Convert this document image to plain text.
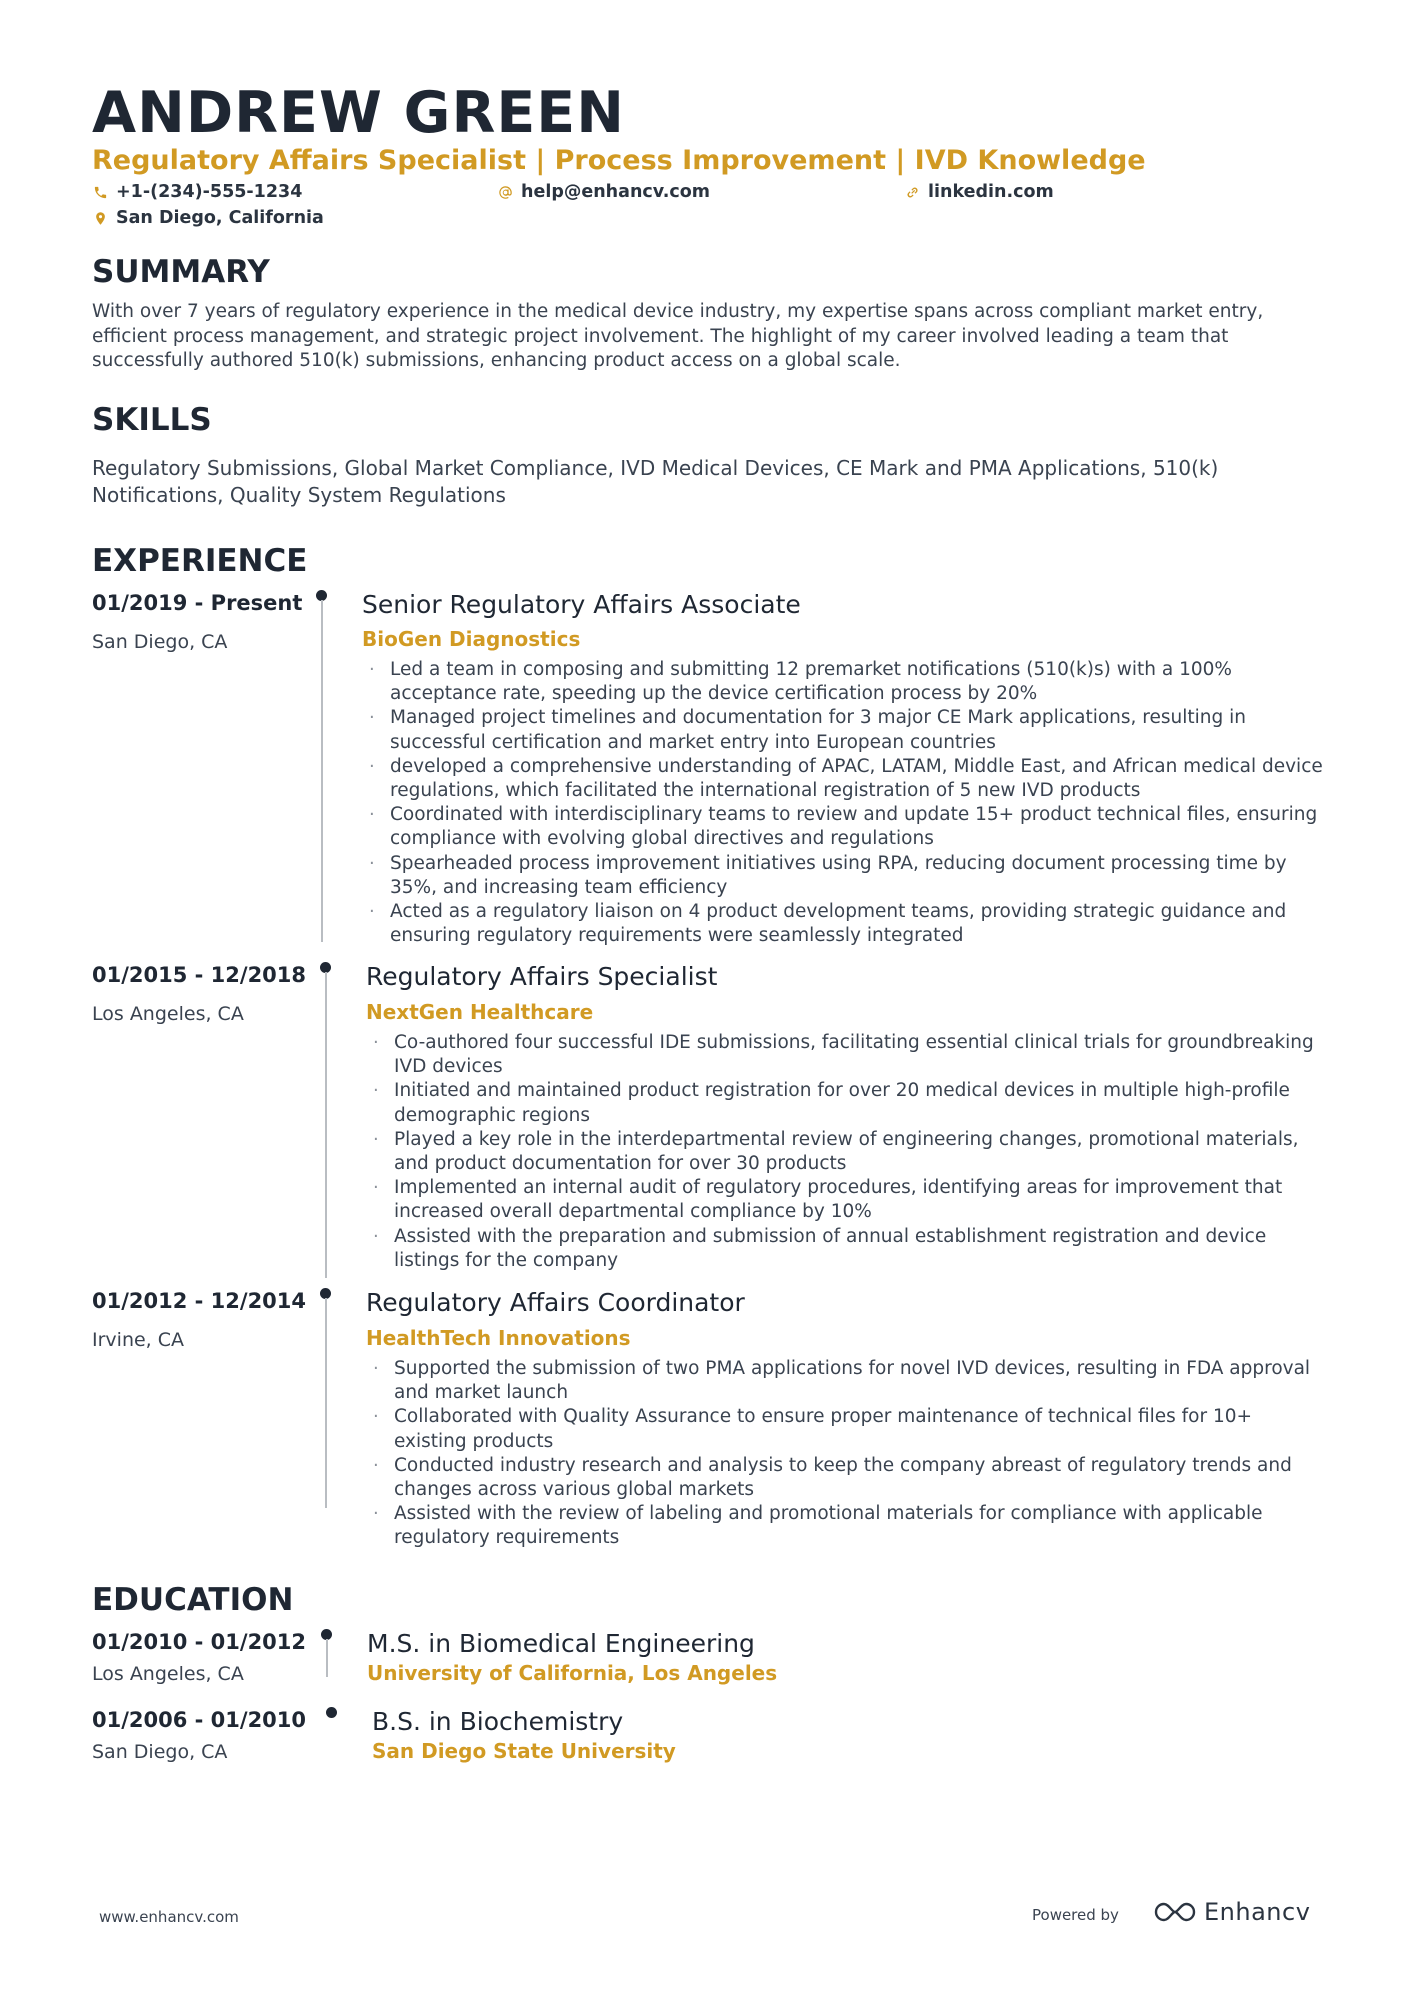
ANDREW GREEN
Regulatory Affairs Specialist | Process Improvement | IVD Knowledge
+1-(234)-555-1234	help@enhancv.com	linkedin.com
San Diego, California
SUMMARY

With over 7 years of regulatory experience in the medical device industry, my expertise spans across compliant market entry, efficient process management, and strategic project involvement. The highlight of my career involved leading a team that successfully authored 510(k) submissions, enhancing product access on a global scale.

SKILLS

Regulatory Submissions, Global Market Compliance, IVD Medical Devices, CE Mark and PMA Applications, 510(k) Notifications, Quality System Regulations

EXPERIENCE
01/2019 - Present
San Diego, CA
Senior Regulatory Affairs Associate
BioGen Diagnostics
· Led a team in composing and submitting 12 premarket notifications (510(k)s) with a 100% acceptance rate, speeding up the device certification process by 20%
· Managed project timelines and documentation for 3 major CE Mark applications, resulting in successful certification and market entry into European countries
· developed a comprehensive understanding of APAC, LATAM, Middle East, and African medical device regulations, which facilitated the international registration of 5 new IVD products
· Coordinated with interdisciplinary teams to review and update 15+ product technical files, ensuring compliance with evolving global directives and regulations
· Spearheaded process improvement initiatives using RPA, reducing document processing time by 35%, and increasing team efficiency
· Acted as a regulatory liaison on 4 product development teams, providing strategic guidance and ensuring regulatory requirements were seamlessly integrated
01/2015 - 12/2018
Los Angeles, CA
Regulatory Affairs Specialist
NextGen Healthcare
· Co-authored four successful IDE submissions, facilitating essential clinical trials for groundbreaking IVD devices
· Initiated and maintained product registration for over 20 medical devices in multiple high-profile demographic regions
· Played a key role in the interdepartmental review of engineering changes, promotional materials, and product documentation for over 30 products
· Implemented an internal audit of regulatory procedures, identifying areas for improvement that increased overall departmental compliance by 10%
· Assisted with the preparation and submission of annual establishment registration and device listings for the company
01/2012 - 12/2014
Irvine, CA
Regulatory Affairs Coordinator
HealthTech Innovations
· Supported the submission of two PMA applications for novel IVD devices, resulting in FDA approval and market launch
· Collaborated with Quality Assurance to ensure proper maintenance of technical files for 10+ existing products
· Conducted industry research and analysis to keep the company abreast of regulatory trends and changes across various global markets
· Assisted with the review of labeling and promotional materials for compliance with applicable regulatory requirements
EDUCATION
01/2010 - 01/2012
Los Angeles, CA
M.S. in Biomedical Engineering
University of California, Los Angeles
01/2006 - 01/2010
San Diego, CA
B.S. in Biochemistry
San Diego State University
www.enhancv.com	Powered by	Enhancv
